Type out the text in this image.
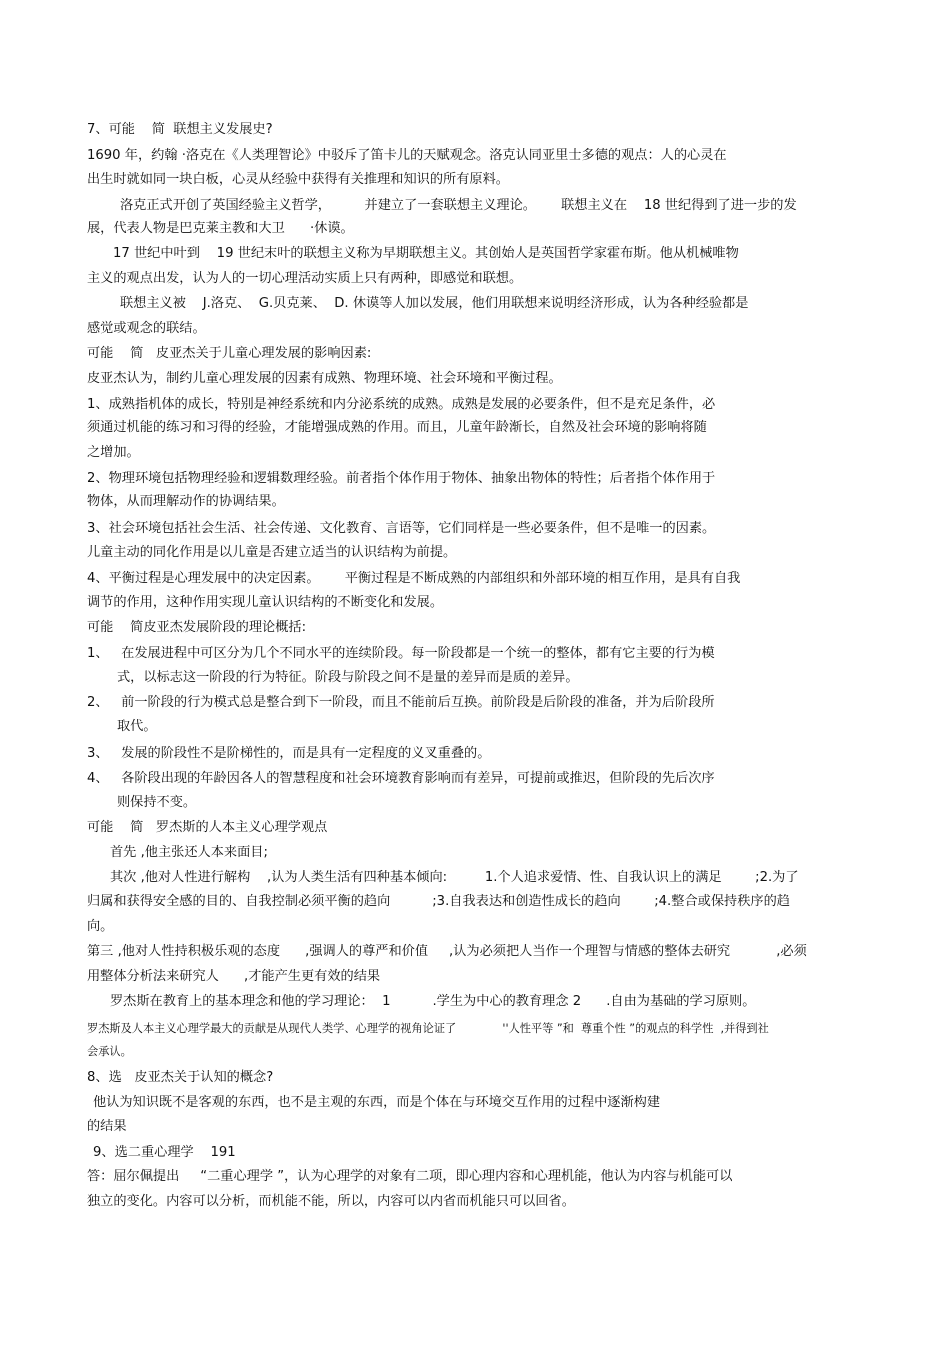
7、可能    简  联想主义发展史?

1690 年，约翰 ·洛克在《人类理智论》中驳斥了笛卡儿的天赋观念。洛克认同亚里士多德的观点：人的心灵在

出生时就如同一块白板，心灵从经验中获得有关推理和知识的所有原料。

洛克正式开创了英国经验主义哲学，        并建立了一套联想主义理论。      联想主义在    18 世纪得到了进一步的发

展，代表人物是巴克莱主教和大卫      ·休谟。

17 世纪中叶到    19 世纪末叶的联想主义称为早期联想主义。其创始人是英国哲学家霍布斯。他从机械唯物

主义的观点出发，认为人的一切心理活动实质上只有两种，即感觉和联想。

联想主义被    J.洛克、  G.贝克莱、  D. 休谟等人加以发展，他们用联想来说明经济形成，认为各种经验都是

感觉或观念的联结。

可能    简   皮亚杰关于儿童心理发展的影响因素:

皮亚杰认为，制约儿童心理发展的因素有成熟、物理环境、社会环境和平衡过程。

1、成熟指机体的成长，特别是神经系统和内分泌系统的成熟。成熟是发展的必要条件，但不是充足条件，必

须通过机能的练习和习得的经验，才能增强成熟的作用。而且，儿童年龄渐长，自然及社会环境的影响将随

之增加。

2、物理环境包括物理经验和逻辑数理经验。前者指个体作用于物体、抽象出物体的特性；后者指个体作用于

物体，从而理解动作的协调结果。

3、社会环境包括社会生活、社会传递、文化教育、言语等，它们同样是一些必要条件，但不是唯一的因素。

儿童主动的同化作用是以儿童是否建立适当的认识结构为前提。

4、平衡过程是心理发展中的决定因素。      平衡过程是不断成熟的内部组织和外部环境的相互作用，是具有自我

调节的作用，这种作用实现儿童认识结构的不断变化和发展。

可能    简皮亚杰发展阶段的理论概括:

1、   在发展进程中可区分为几个不同水平的连续阶段。每一阶段都是一个统一的整体，都有它主要的行为模

式，以标志这一阶段的行为特征。阶段与阶段之间不是量的差异而是质的差异。

2、   前一阶段的行为模式总是整合到下一阶段，而且不能前后互换。前阶段是后阶段的准备，并为后阶段所

取代。

3、   发展的阶段性不是阶梯性的，而是具有一定程度的义叉重叠的。

4、   各阶段出现的年龄因各人的智慧程度和社会环境教育影响而有差异，可提前或推迟，但阶段的先后次序

则保持不变。

可能    简   罗杰斯的人本主义心理学观点

首先 ,他主张还人本来面目;

其次 ,他对人性进行解构    ,认为人类生活有四种基本倾向:         1.个人追求爱情、性、自我认识上的满足        ;2.为了

归属和获得安全感的目的、自我控制必须平衡的趋向          ;3.自我表达和创造性成长的趋向        ;4.整合或保持秩序的趋

向。

第三 ,他对人性持积极乐观的态度      ,强调人的尊严和价值     ,认为必须把人当作一个理智与情感的整体去研究           ,必须

用整体分析法来研究人      ,才能产生更有效的结果

罗杰斯在教育上的基本理念和他的学习理论：  1          .学生为中心的教育理念 2      .自由为基础的学习原则。

罗杰斯及人本主义心理学最大的贡献是从现代人类学、心理学的视角论证了             ''人性平等 ”和  尊重个性 ”的观点的科学性  ,并得到社

会承认。

8、选   皮亚杰关于认知的概念?

他认为知识既不是客观的东西，也不是主观的东西，而是个体在与环境交互作用的过程中逐渐构建

的结果

9、选二重心理学    191

答：屈尔佩提出     “二重心理学 ”，认为心理学的对象有二项，即心理内容和心理机能，他认为内容与机能可以

独立的变化。内容可以分析，而机能不能，所以，内容可以内省而机能只可以回省。
